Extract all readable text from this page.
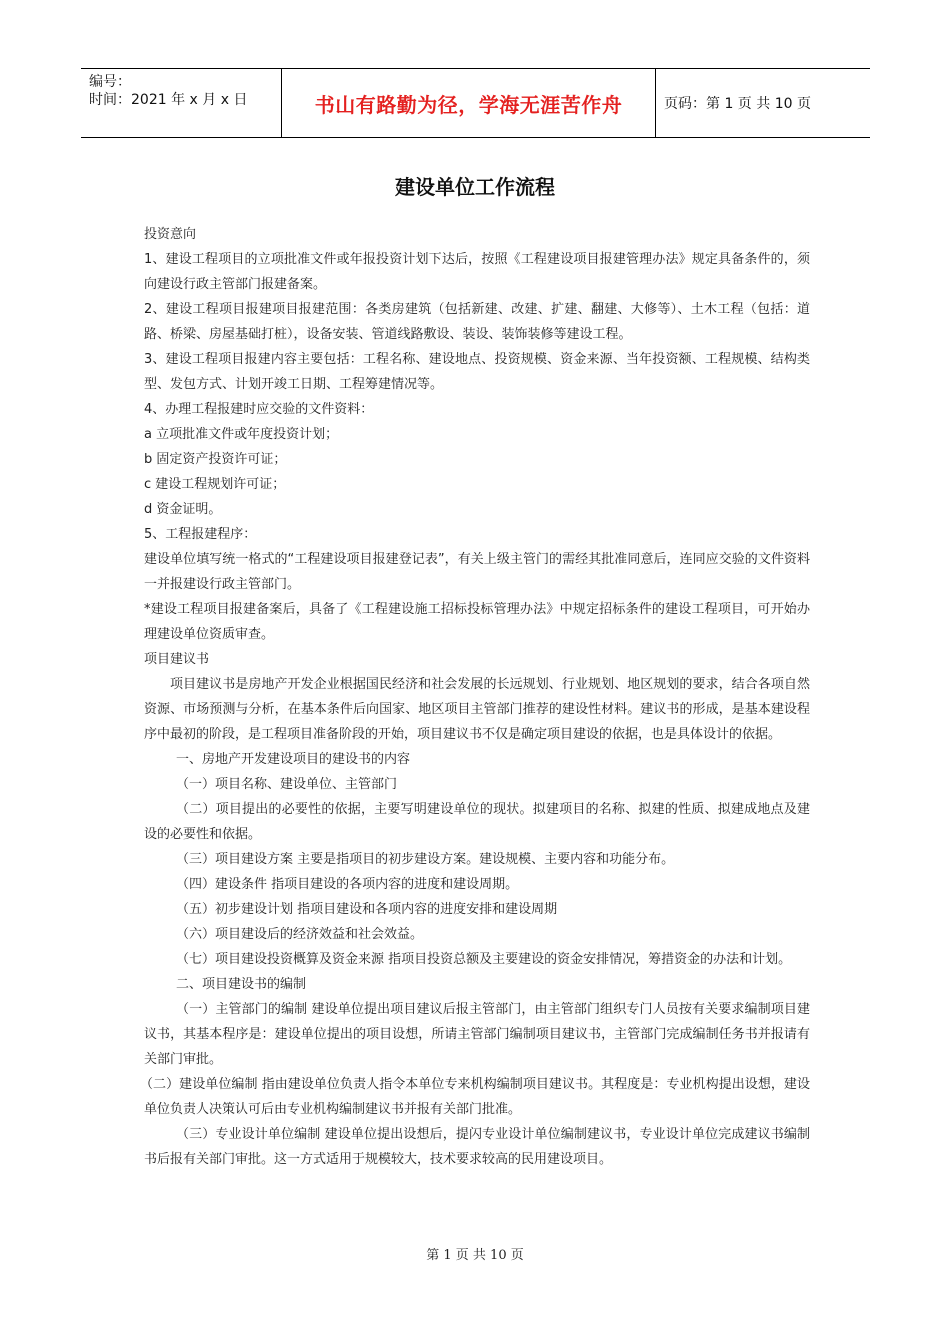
编号：
时间：2021 年 x 月 x 日	书山有路勤为径，学海无涯苦作舟	页码：第 1 页 共 10 页
建设单位工作流程

投资意向

1、建设工程项目的立项批准文件或年报投资计划下达后，按照《工程建设项目报建管理办法》规定具备条件的，须向建设行政主管部门报建备案。

2、建设工程项目报建项目报建范围：各类房建筑（包括新建、改建、扩建、翻建、大修等）、土木工程（包括：道路、桥梁、房屋基础打桩），设备安装、管道线路敷设、装设、装饰装修等建设工程。

3、建设工程项目报建内容主要包括：工程名称、建设地点、投资规模、资金来源、当年投资额、工程规模、结构类型、发包方式、计划开竣工日期、工程筹建情况等。

4、办理工程报建时应交验的文件资料：

a 立项批准文件或年度投资计划；

b 固定资产投资许可证；

c 建设工程规划许可证；

d 资金证明。

5、工程报建程序：

建设单位填写统一格式的“工程建设项目报建登记表”，有关上级主管门的需经其批准同意后，连同应交验的文件资料一并报建设行政主管部门。

*建设工程项目报建备案后，具备了《工程建设施工招标投标管理办法》中规定招标条件的建设工程项目，可开始办理建设单位资质审查。

项目建议书

项目建议书是房地产开发企业根据国民经济和社会发展的长远规划、行业规划、地区规划的要求，结合各项自然资源、市场预测与分析，在基本条件后向国家、地区项目主管部门推荐的建设性材料。建议书的形成，是基本建设程序中最初的阶段，是工程项目准备阶段的开始，项目建议书不仅是确定项目建设的依据，也是具体设计的依据。

一、房地产开发建设项目的建设书的内容

（一）项目名称、建设单位、主管部门

（二）项目提出的必要性的依据，主要写明建设单位的现状。拟建项目的名称、拟建的性质、拟建成地点及建设的必要性和依据。

（三）项目建设方案 主要是指项目的初步建设方案。建设规模、主要内容和功能分布。

（四）建设条件 指项目建设的各项内容的进度和建设周期。

（五）初步建设计划 指项目建设和各项内容的进度安排和建设周期

（六）项目建设后的经济效益和社会效益。

（七）项目建设投资概算及资金来源 指项目投资总额及主要建设的资金安排情况，筹措资金的办法和计划。

二、项目建设书的编制

（一）主管部门的编制 建设单位提出项目建议后报主管部门，由主管部门组织专门人员按有关要求编制项目建议书，其基本程序是：建设单位提出的项目设想，所请主管部门编制项目建议书，主管部门完成编制任务书并报请有关部门审批。

（二）建设单位编制 指由建设单位负责人指令本单位专来机构编制项目建议书。其程度是：专业机构提出设想，建设单位负责人决策认可后由专业机构编制建议书并报有关部门批准。

（三）专业设计单位编制 建设单位提出设想后，提闪专业设计单位编制建议书，专业设计单位完成建议书编制书后报有关部门审批。这一方式适用于规模较大，技术要求较高的民用建设项目。

第 1 页 共 10 页
